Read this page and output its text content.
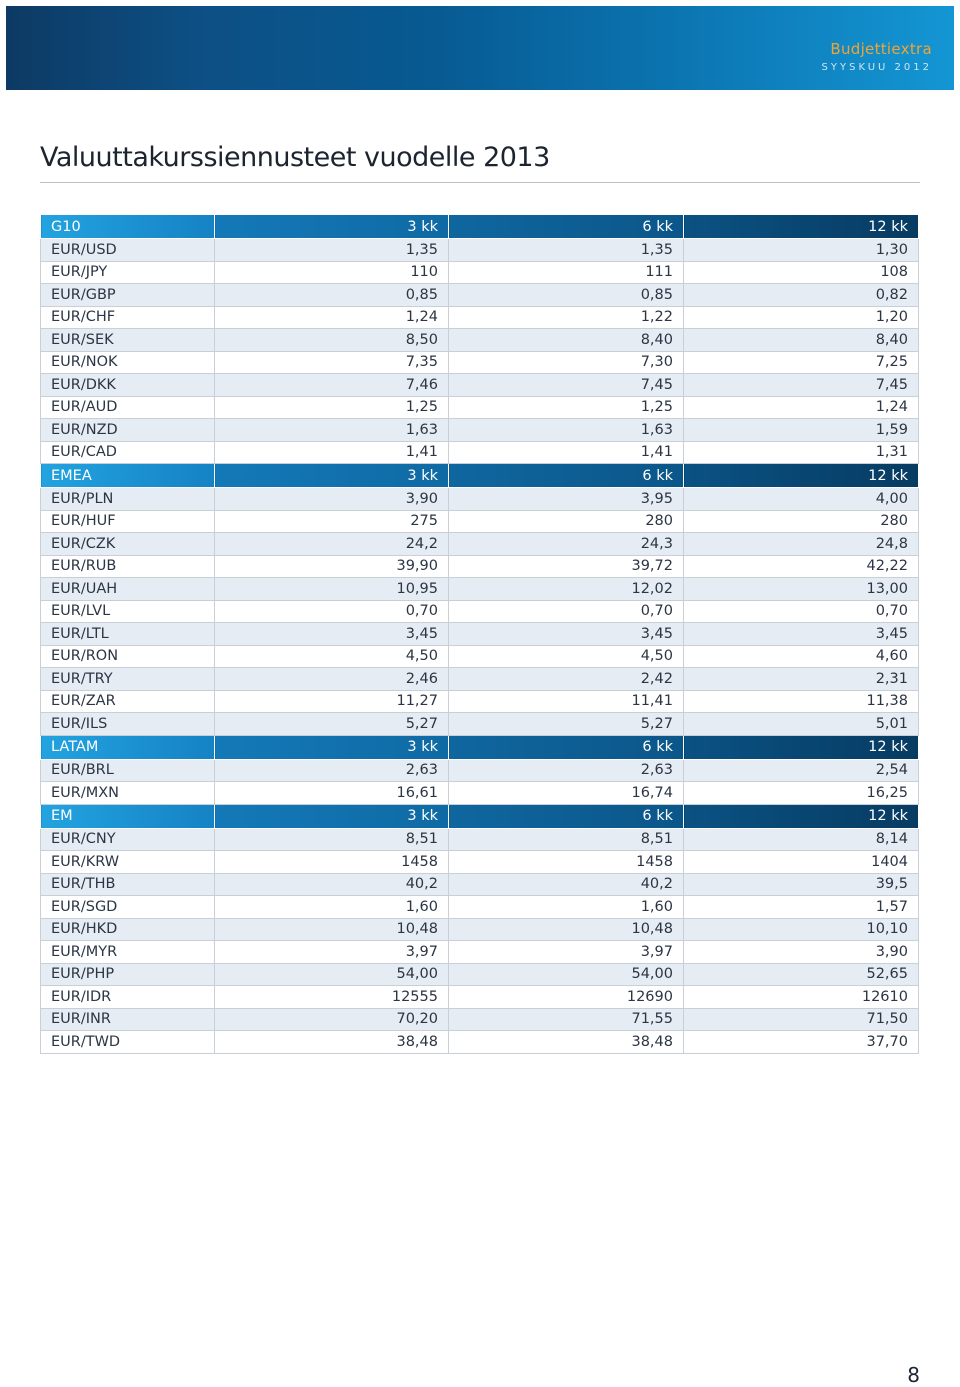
Budjettiextra
SYYSKUU 2012
Valuuttakurssiennusteet vuodelle 2013
G10	3 kk	6 kk	12 kk
EUR/USD	1,35	1,35	1,30
EUR/JPY	110	111	108
EUR/GBP	0,85	0,85	0,82
EUR/CHF	1,24	1,22	1,20
EUR/SEK	8,50	8,40	8,40
EUR/NOK	7,35	7,30	7,25
EUR/DKK	7,46	7,45	7,45
EUR/AUD	1,25	1,25	1,24
EUR/NZD	1,63	1,63	1,59
EUR/CAD	1,41	1,41	1,31
EMEA	3 kk	6 kk	12 kk
EUR/PLN	3,90	3,95	4,00
EUR/HUF	275	280	280
EUR/CZK	24,2	24,3	24,8
EUR/RUB	39,90	39,72	42,22
EUR/UAH	10,95	12,02	13,00
EUR/LVL	0,70	0,70	0,70
EUR/LTL	3,45	3,45	3,45
EUR/RON	4,50	4,50	4,60
EUR/TRY	2,46	2,42	2,31
EUR/ZAR	11,27	11,41	11,38
EUR/ILS	5,27	5,27	5,01
LATAM	3 kk	6 kk	12 kk
EUR/BRL	2,63	2,63	2,54
EUR/MXN	16,61	16,74	16,25
EM	3 kk	6 kk	12 kk
EUR/CNY	8,51	8,51	8,14
EUR/KRW	1458	1458	1404
EUR/THB	40,2	40,2	39,5
EUR/SGD	1,60	1,60	1,57
EUR/HKD	10,48	10,48	10,10
EUR/MYR	3,97	3,97	3,90
EUR/PHP	54,00	54,00	52,65
EUR/IDR	12555	12690	12610
EUR/INR	70,20	71,55	71,50
EUR/TWD	38,48	38,48	37,70
8
